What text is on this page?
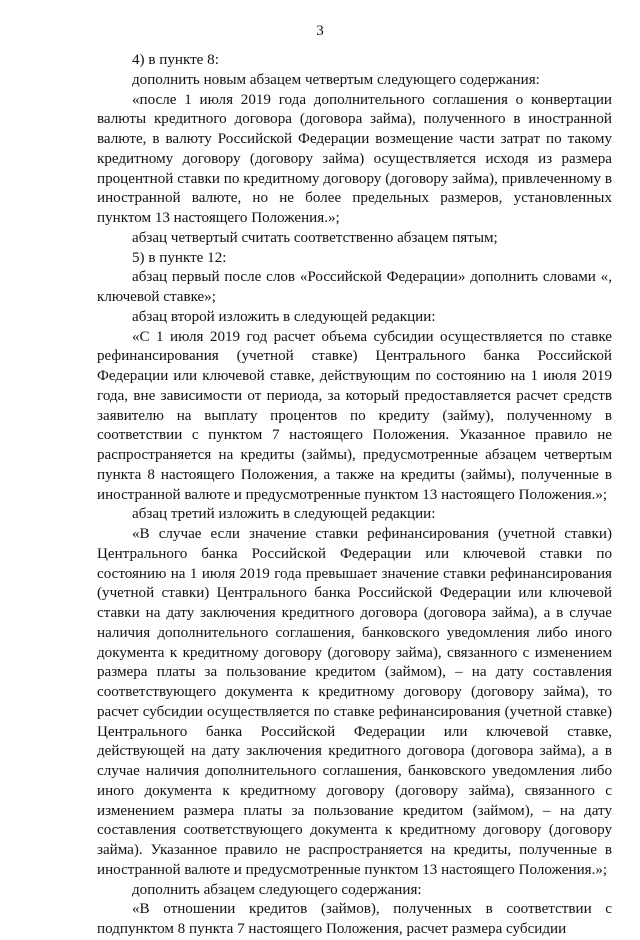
3

4) в пункте 8:

дополнить новым абзацем четвертым следующего содержания:

«после 1 июля 2019 года дополнительного соглашения о конвертации валюты кредитного договора (договора займа), полученного в иностранной валюте, в валюту Российской Федерации возмещение части затрат по такому кредитному договору (договору займа) осуществляется исходя из размера процентной ставки по кредитному договору (договору займа), привлеченному в иностранной валюте, но не более предельных размеров, установленных пунктом 13 настоящего Положения.»;

абзац четвертый считать соответственно абзацем пятым;

5) в пункте 12:

абзац первый после слов «Российской Федерации» дополнить словами «, ключевой ставке»;

абзац второй изложить в следующей редакции:

«С 1 июля 2019 год расчет объема субсидии осуществляется по ставке рефинансирования (учетной ставке) Центрального банка Российской Федерации или ключевой ставке, действующим по состоянию на 1 июля 2019 года, вне зависимости от периода, за который предоставляется расчет средств заявителю на выплату процентов по кредиту (займу), полученному в соответствии с пунктом 7 настоящего Положения. Указанное правило не распространяется на кредиты (займы), предусмотренные абзацем четвертым пункта 8 настоящего Положения, а также на кредиты (займы), полученные в иностранной валюте и предусмотренные пунктом 13 настоящего Положения.»;

абзац третий изложить в следующей редакции:

«В случае если значение ставки рефинансирования (учетной ставки) Центрального банка Российской Федерации или ключевой ставки по состоянию на 1 июля 2019 года превышает значение ставки рефинансирования (учетной ставки) Центрального банка Российской Федерации или ключевой ставки на дату заключения кредитного договора (договора займа), а в случае наличия дополнительного соглашения, банковского уведомления либо иного документа к кредитному договору (договору займа), связанного с изменением размера платы за пользование кредитом (займом), – на дату составления соответствующего документа к кредитному договору (договору займа), то расчет субсидии осуществляется по ставке рефинансирования (учетной ставке) Центрального банка Российской Федерации или ключевой ставке, действующей на дату заключения кредитного договора (договора займа), а в случае наличия дополнительного соглашения, банковского уведомления либо иного документа к кредитному договору (договору займа), связанного с изменением размера платы за пользование кредитом (займом), – на дату составления соответствующего документа к кредитному договору (договору займа). Указанное правило не распространяется на кредиты, полученные в иностранной валюте и предусмотренные пунктом 13 настоящего Положения.»;

дополнить абзацем следующего содержания:

«В отношении кредитов (займов), полученных в соответствии с подпунктом 8 пункта 7 настоящего Положения, расчет размера субсидии
